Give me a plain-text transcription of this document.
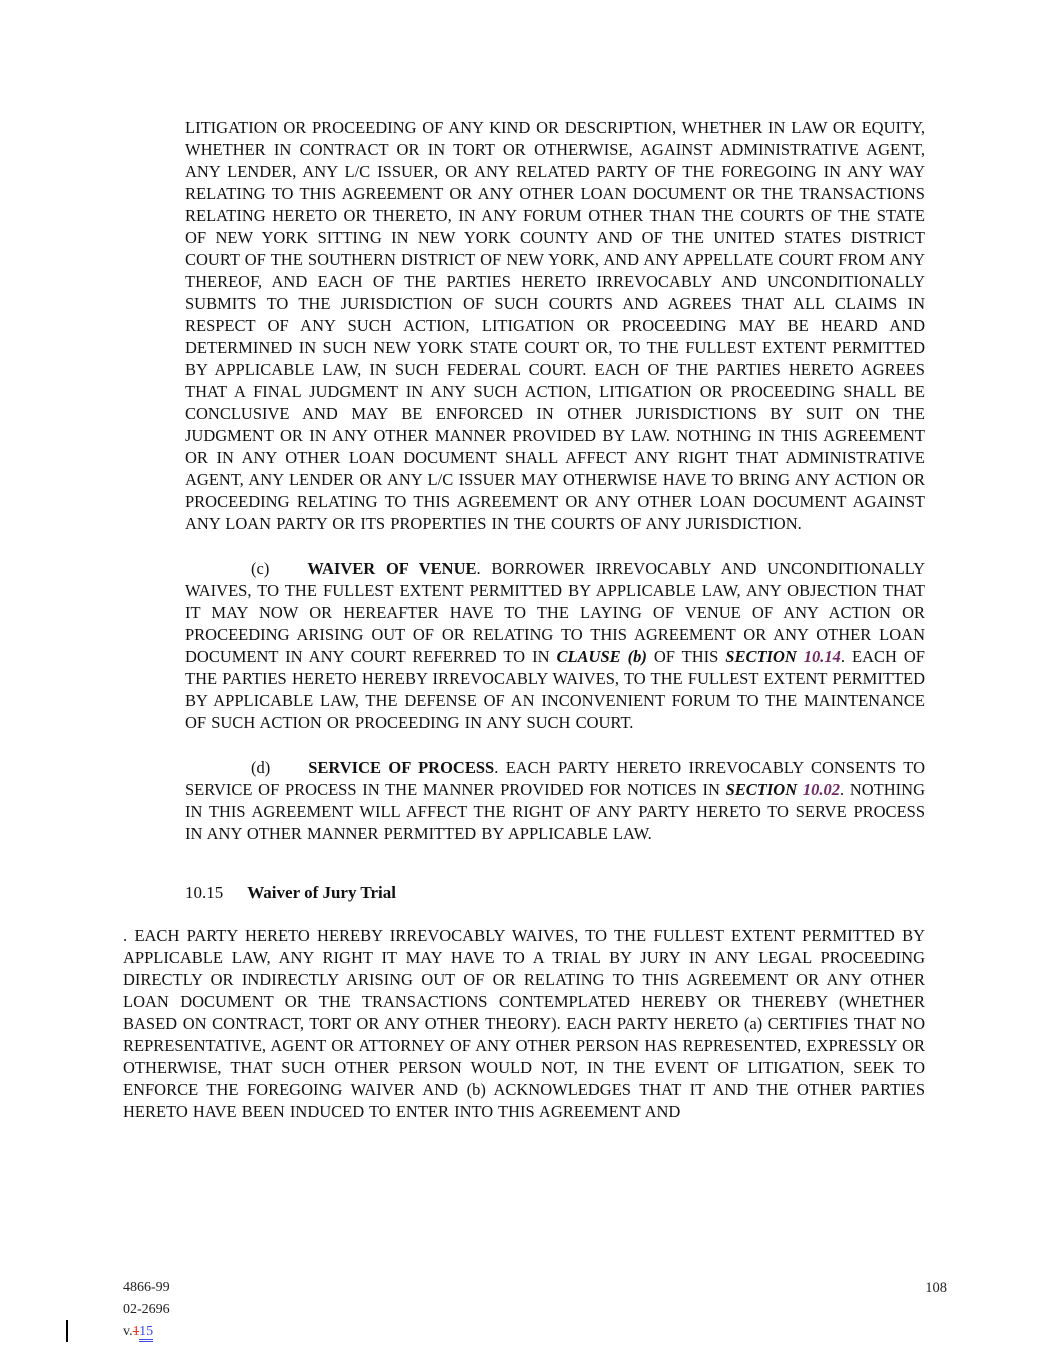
LITIGATION OR PROCEEDING OF ANY KIND OR DESCRIPTION, WHETHER IN LAW OR EQUITY, WHETHER IN CONTRACT OR IN TORT OR OTHERWISE, AGAINST ADMINISTRATIVE AGENT, ANY LENDER, ANY L/C ISSUER, OR ANY RELATED PARTY OF THE FOREGOING IN ANY WAY RELATING TO THIS AGREEMENT OR ANY OTHER LOAN DOCUMENT OR THE TRANSACTIONS RELATING HERETO OR THERETO, IN ANY FORUM OTHER THAN THE COURTS OF THE STATE OF NEW YORK SITTING IN NEW YORK COUNTY AND OF THE UNITED STATES DISTRICT COURT OF THE SOUTHERN DISTRICT OF NEW YORK, AND ANY APPELLATE COURT FROM ANY THEREOF, AND EACH OF THE PARTIES HERETO IRREVOCABLY AND UNCONDITIONALLY SUBMITS TO THE JURISDICTION OF SUCH COURTS AND AGREES THAT ALL CLAIMS IN RESPECT OF ANY SUCH ACTION, LITIGATION OR PROCEEDING MAY BE HEARD AND DETERMINED IN SUCH NEW YORK STATE COURT OR, TO THE FULLEST EXTENT PERMITTED BY APPLICABLE LAW, IN SUCH FEDERAL COURT. EACH OF THE PARTIES HERETO AGREES THAT A FINAL JUDGMENT IN ANY SUCH ACTION, LITIGATION OR PROCEEDING SHALL BE CONCLUSIVE AND MAY BE ENFORCED IN OTHER JURISDICTIONS BY SUIT ON THE JUDGMENT OR IN ANY OTHER MANNER PROVIDED BY LAW. NOTHING IN THIS AGREEMENT OR IN ANY OTHER LOAN DOCUMENT SHALL AFFECT ANY RIGHT THAT ADMINISTRATIVE AGENT, ANY LENDER OR ANY L/C ISSUER MAY OTHERWISE HAVE TO BRING ANY ACTION OR PROCEEDING RELATING TO THIS AGREEMENT OR ANY OTHER LOAN DOCUMENT AGAINST ANY LOAN PARTY OR ITS PROPERTIES IN THE COURTS OF ANY JURISDICTION.

(c) WAIVER OF VENUE. BORROWER IRREVOCABLY AND UNCONDITIONALLY WAIVES, TO THE FULLEST EXTENT PERMITTED BY APPLICABLE LAW, ANY OBJECTION THAT IT MAY NOW OR HEREAFTER HAVE TO THE LAYING OF VENUE OF ANY ACTION OR PROCEEDING ARISING OUT OF OR RELATING TO THIS AGREEMENT OR ANY OTHER LOAN DOCUMENT IN ANY COURT REFERRED TO IN CLAUSE (b) OF THIS SECTION 10.14. EACH OF THE PARTIES HERETO HEREBY IRREVOCABLY WAIVES, TO THE FULLEST EXTENT PERMITTED BY APPLICABLE LAW, THE DEFENSE OF AN INCONVENIENT FORUM TO THE MAINTENANCE OF SUCH ACTION OR PROCEEDING IN ANY SUCH COURT.

(d) SERVICE OF PROCESS. EACH PARTY HERETO IRREVOCABLY CONSENTS TO SERVICE OF PROCESS IN THE MANNER PROVIDED FOR NOTICES IN SECTION 10.02. NOTHING IN THIS AGREEMENT WILL AFFECT THE RIGHT OF ANY PARTY HERETO TO SERVE PROCESS IN ANY OTHER MANNER PERMITTED BY APPLICABLE LAW.

10.15 Waiver of Jury Trial

. EACH PARTY HERETO HEREBY IRREVOCABLY WAIVES, TO THE FULLEST EXTENT PERMITTED BY APPLICABLE LAW, ANY RIGHT IT MAY HAVE TO A TRIAL BY JURY IN ANY LEGAL PROCEEDING DIRECTLY OR INDIRECTLY ARISING OUT OF OR RELATING TO THIS AGREEMENT OR ANY OTHER LOAN DOCUMENT OR THE TRANSACTIONS CONTEMPLATED HEREBY OR THEREBY (WHETHER BASED ON CONTRACT, TORT OR ANY OTHER THEORY). EACH PARTY HERETO (a) CERTIFIES THAT NO REPRESENTATIVE, AGENT OR ATTORNEY OF ANY OTHER PERSON HAS REPRESENTED, EXPRESSLY OR OTHERWISE, THAT SUCH OTHER PERSON WOULD NOT, IN THE EVENT OF LITIGATION, SEEK TO ENFORCE THE FOREGOING WAIVER AND (b) ACKNOWLEDGES THAT IT AND THE OTHER PARTIES HERETO HAVE BEEN INDUCED TO ENTER INTO THIS AGREEMENT AND

4866-99
02-2696
v.115
108
